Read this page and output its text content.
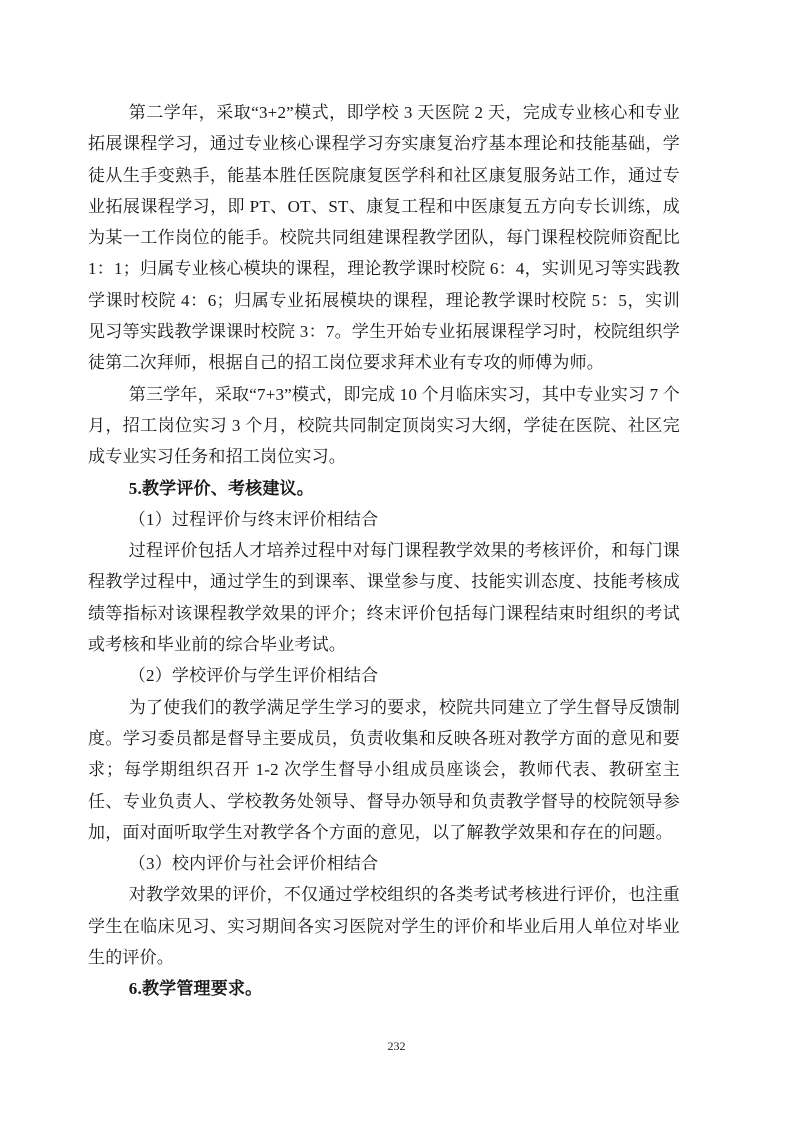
第二学年，采取“3+2”模式，即学校 3 天医院 2 天，完成专业核心和专业拓展课程学习，通过专业核心课程学习夯实康复治疗基本理论和技能基础，学徒从生手变熟手，能基本胜任医院康复医学科和社区康复服务站工作，通过专业拓展课程学习，即 PT、OT、ST、康复工程和中医康复五方向专长训练，成为某一工作岗位的能手。校院共同组建课程教学团队，每门课程校院师资配比 1：1；归属专业核心模块的课程，理论教学课时校院 6：4，实训见习等实践教学课时校院 4：6；归属专业拓展模块的课程，理论教学课时校院 5：5，实训见习等实践教学课课时校院 3：7。学生开始专业拓展课程学习时，校院组织学徒第二次拜师，根据自己的招工岗位要求拜术业有专攻的师傅为师。

第三学年，采取“7+3”模式，即完成 10 个月临床实习，其中专业实习 7 个月，招工岗位实习 3 个月，校院共同制定顶岗实习大纲，学徒在医院、社区完成专业实习任务和招工岗位实习。

5.教学评价、考核建议。

（1）过程评价与终末评价相结合

过程评价包括人才培养过程中对每门课程教学效果的考核评价，和每门课程教学过程中，通过学生的到课率、课堂参与度、技能实训态度、技能考核成绩等指标对该课程教学效果的评介；终末评价包括每门课程结束时组织的考试或考核和毕业前的综合毕业考试。

（2）学校评价与学生评价相结合

为了使我们的教学满足学生学习的要求，校院共同建立了学生督导反馈制度。学习委员都是督导主要成员，负责收集和反映各班对教学方面的意见和要求；每学期组织召开 1-2 次学生督导小组成员座谈会，教师代表、教研室主任、专业负责人、学校教务处领导、督导办领导和负责教学督导的校院领导参加，面对面听取学生对教学各个方面的意见，以了解教学效果和存在的问题。

（3）校内评价与社会评价相结合

对教学效果的评价，不仅通过学校组织的各类考试考核进行评价，也注重学生在临床见习、实习期间各实习医院对学生的评价和毕业后用人单位对毕业生的评价。

6.教学管理要求。

232
